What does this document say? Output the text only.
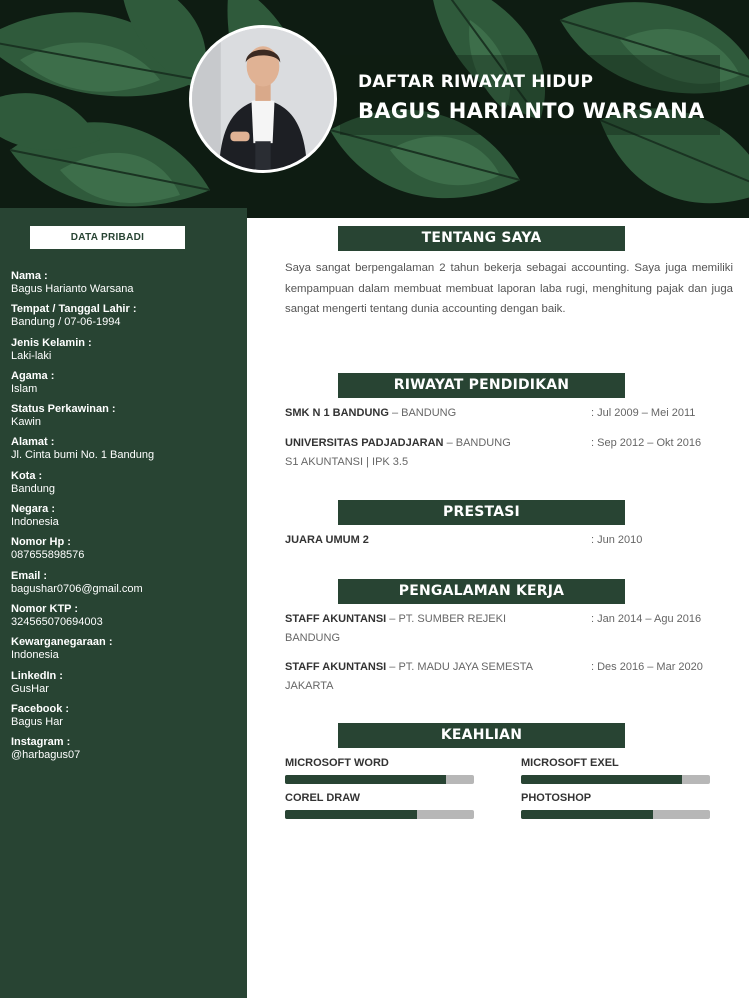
DAFTAR RIWAYAT HIDUP
BAGUS HARIANTO WARSANA
DATA PRIBADI
Nama :
Bagus Harianto Warsana
Tempat / Tanggal Lahir :
Bandung / 07-06-1994
Jenis Kelamin :
Laki-laki
Agama :
Islam
Status Perkawinan :
Kawin
Alamat :
Jl. Cinta bumi No. 1 Bandung
Kota :
Bandung
Negara :
Indonesia
Nomor Hp :
087655898576
Email :
bagushar0706@gmail.com
Nomor KTP :
324565070694003
Kewarganegaraan :
Indonesia
LinkedIn :
GusHar
Facebook :
Bagus Har
Instagram :
@harbagus07
TENTANG SAYA
Saya sangat berpengalaman 2 tahun bekerja sebagai accounting. Saya juga memiliki kempampuan dalam membuat membuat laporan laba rugi, menghitung pajak dan juga sangat mengerti tentang dunia accounting dengan baik.
RIWAYAT PENDIDIKAN
SMK N 1 BANDUNG – BANDUNG	: Jul 2009 – Mei 2011
UNIVERSITAS PADJADJARAN – BANDUNG
S1 AKUNTANSI | IPK 3.5
: Sep 2012 – Okt 2016
PRESTASI
JUARA UMUM 2	: Jun 2010
PENGALAMAN KERJA
STAFF AKUNTANSI – PT. SUMBER REJEKI
BANDUNG
: Jan 2014 – Agu 2016
STAFF AKUNTANSI – PT. MADU JAYA SEMESTA
JAKARTA
: Des 2016 – Mar 2020
KEAHLIAN
MICROSOFT WORD	MICROSOFT EXEL
COREL DRAW	PHOTOSHOP
